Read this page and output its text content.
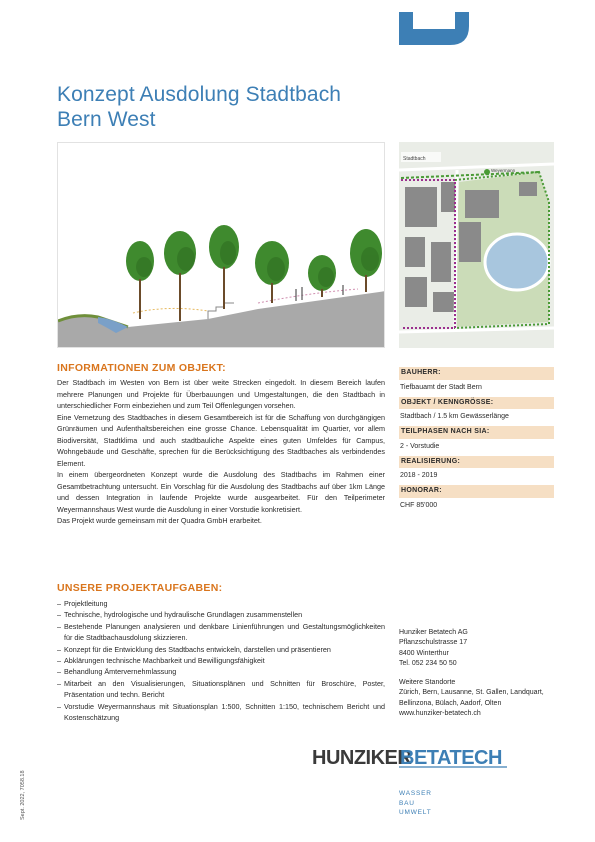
Konzept Ausdolung Stadtbach
Bern West
Stadtbach
Weyermann
INFORMATIONEN ZUM OBJEKT:

Der Stadtbach im Westen von Bern ist über weite Strecken eingedolt. In diesem Bereich laufen mehrere Planungen und Projekte für Überbauungen und Umgestaltungen, die den Stadtbach in unterschiedlicher Form einbeziehen und zum Teil Offenlegungen vorsehen.

Eine Vernetzung des Stadtbaches in diesem Gesamtbereich ist für die Schaffung von durchgängigen Grünräumen und Aufenthaltsbereichen eine grosse Chance. Lebensqualität im Quartier, vor allem Biodiversität, Stadtklima und auch stadtbauliche Aspekte eines guten Umfeldes für Campus, Wohngebäude und Geschäfte, sprechen für die Berücksichtigung des Stadtbaches als verbindendes Element.

In einem übergeordneten Konzept wurde die Ausdolung des Stadtbachs im Rahmen einer Gesamtbetrachtung untersucht. Ein Vorschlag für die Ausdolung des Stadtbachs auf über 1km Länge und dessen Integration in laufende Projekte wurde ausgearbeitet. Für den Teilperimeter Weyermannshaus West wurde die Ausdolung in einer Vorstudie konkretisiert.

Das Projekt wurde gemeinsam mit der Quadra GmbH erarbeitet.

BAUHERR:
Tiefbauamt der Stadt Bern
OBJEKT / KENNGRÖSSE:
Stadtbach / 1.5 km Gewässerlänge
TEILPHASEN NACH SIA:
2 - Vorstudie
REALISIERUNG:
2018 - 2019
HONORAR:
CHF 85'000
UNSERE PROJEKTAUFGABEN:
– Projektleitung
– Technische, hydrologische und hydraulische Grundlagen zusammenstellen
– Bestehende Planungen analysieren und denkbare Linienführungen und Gestaltungsmöglichkeiten für die Stadtbachausdolung skizzieren.
– Konzept für die Entwicklung des Stadtbachs entwickeln, darstellen und präsentieren
– Abklärungen technische Machbarkeit und Bewilligungsfähigkeit
– Behandlung Ämtervernehmlassung
– Mitarbeit an den Visualisierungen, Situationsplänen und Schnitten für Broschüre, Poster, Präsentation und techn. Bericht
– Vorstudie Weyermannshaus mit Situationsplan 1:500, Schnitten 1:150, technischem Bericht und Kostenschätzung
Hunziker Betatech AG
Pflanzschulstrasse 17
8400 Winterthur
Tel. 052 234 50 50
Weitere Standorte
Zürich, Bern, Lausanne, St. Gallen, Landquart,
Bellinzona, Bülach, Aadorf, Olten
www.hunziker-betatech.ch
HUNZIKER
BETATECH
WASSER
BAU
UMWELT
Sept. 2022, 7058.18
